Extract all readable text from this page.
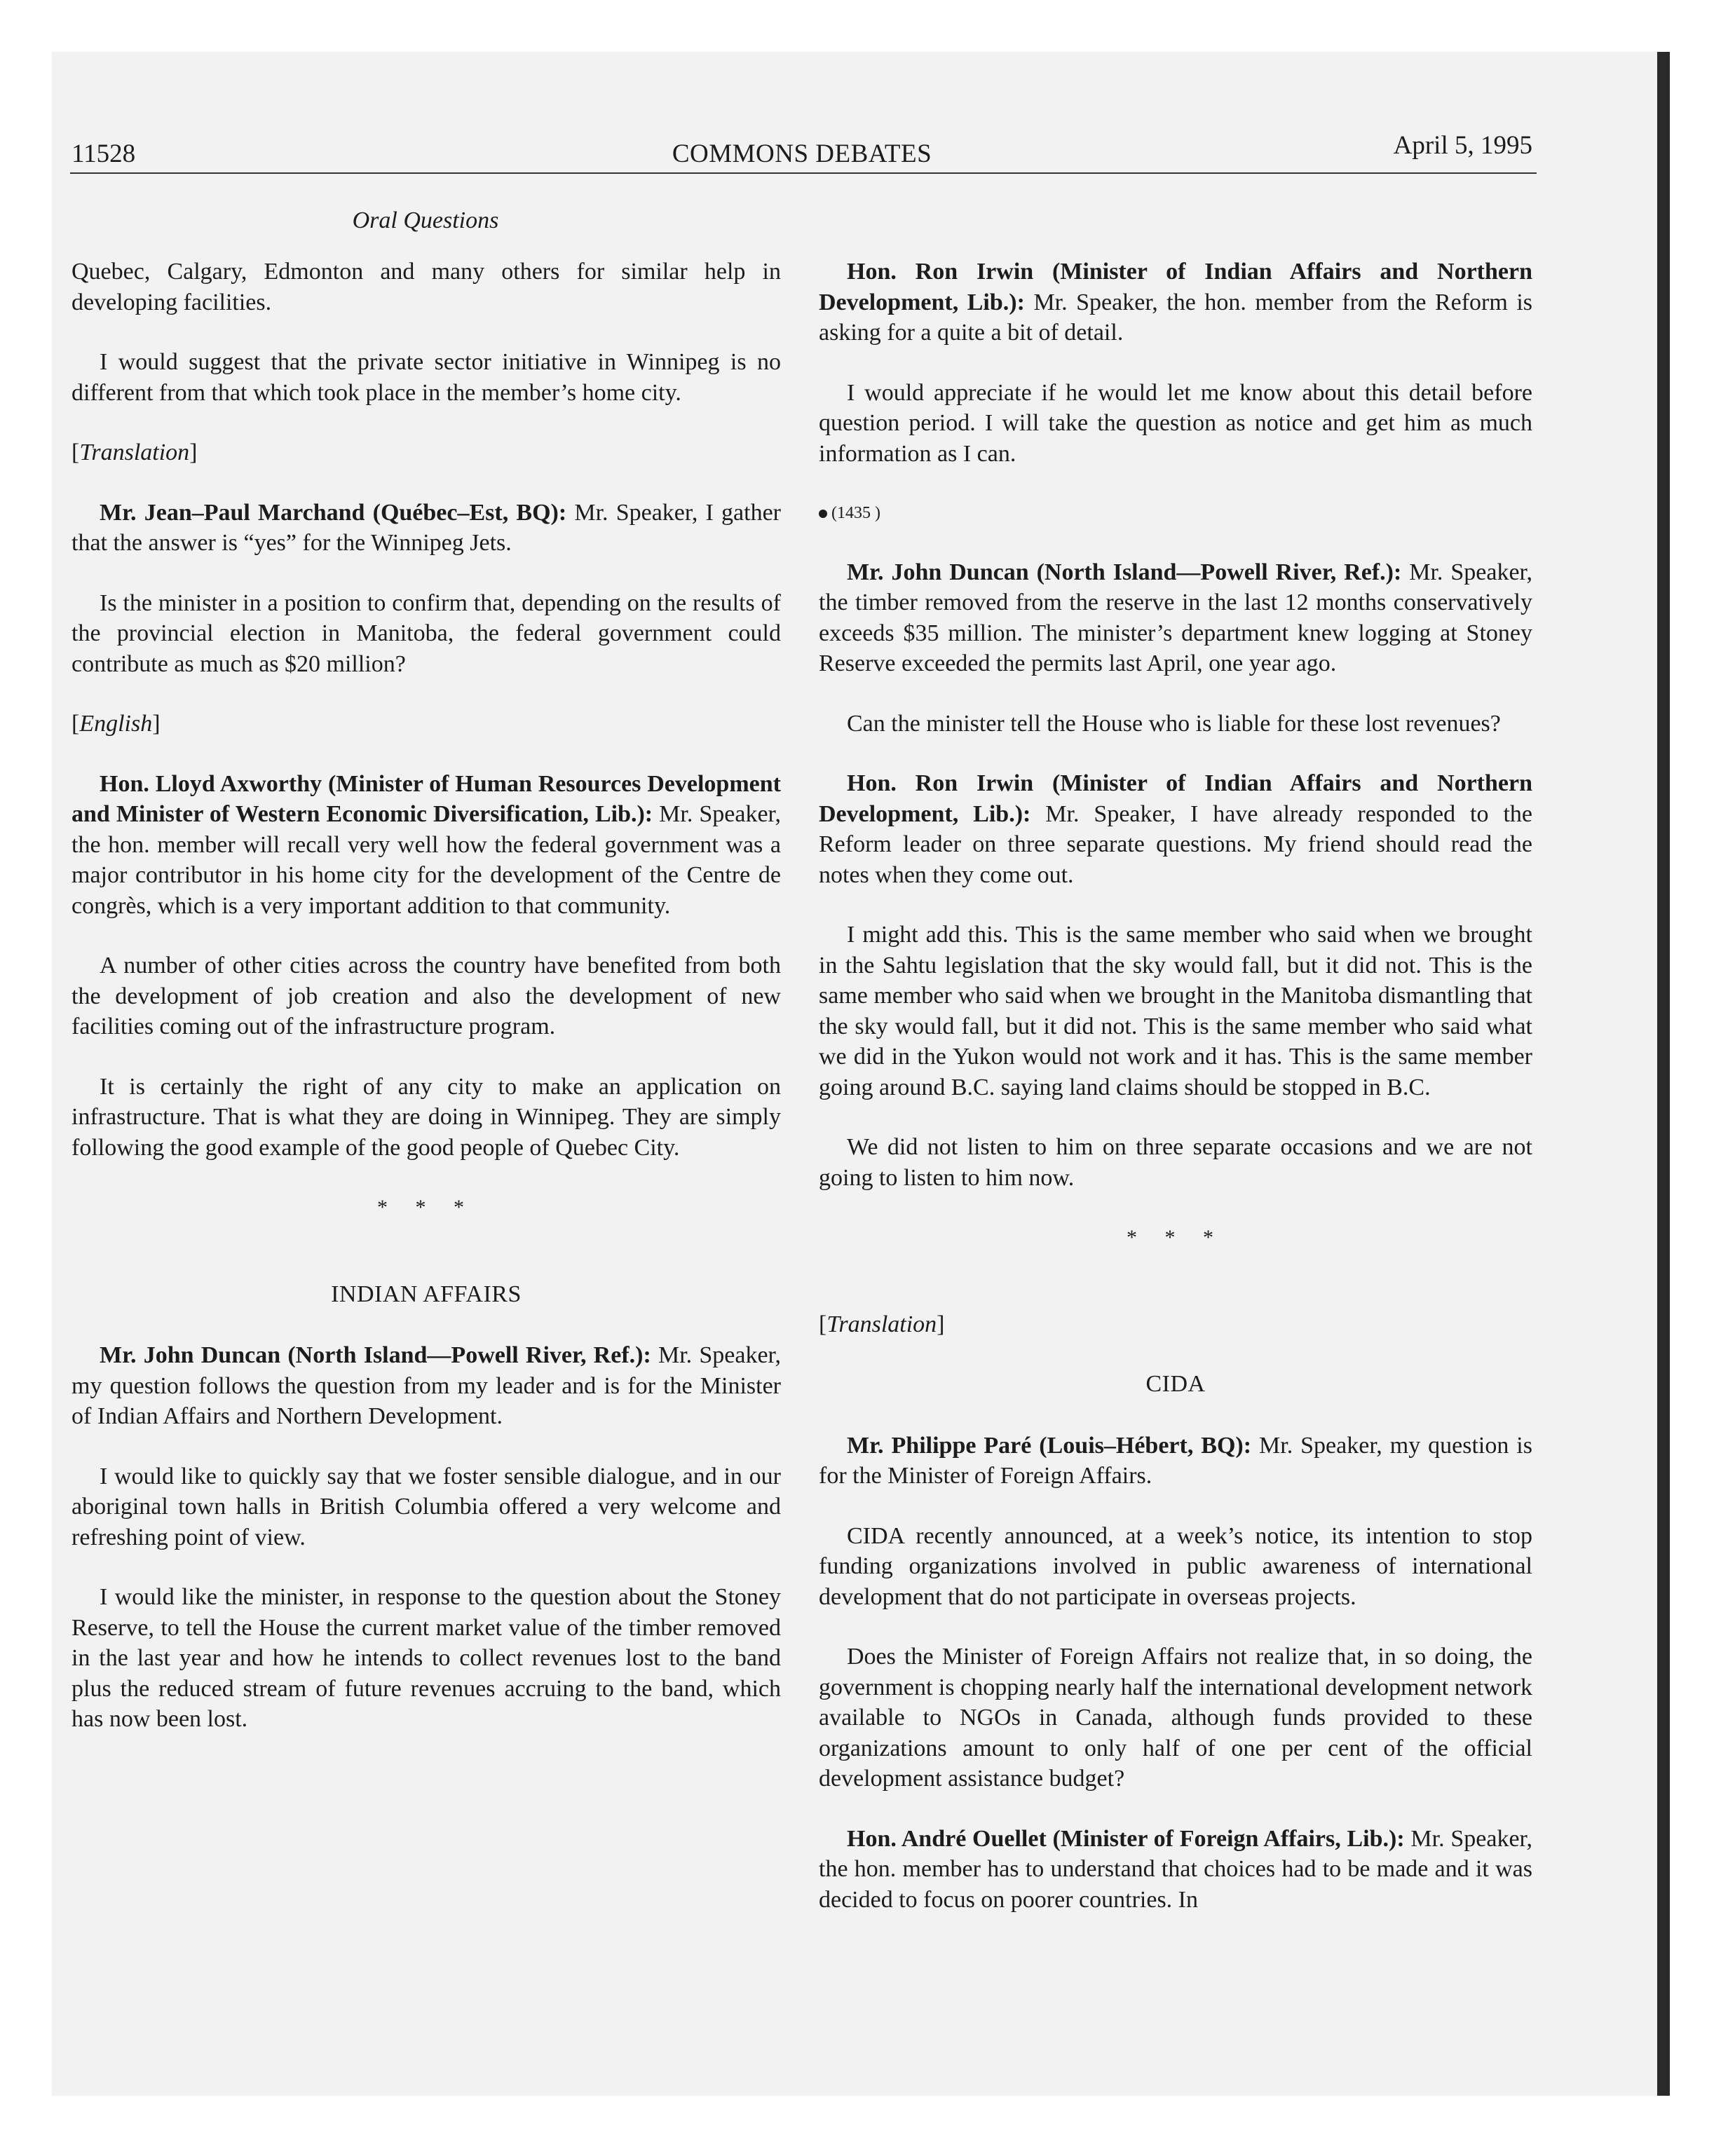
11528	COMMONS DEBATES	April 5, 1995
Oral Questions

Quebec, Calgary, Edmonton and many others for similar help in developing facilities.

I would suggest that the private sector initiative in Winnipeg is no different from that which took place in the member’s home city.

[Translation]

Mr. Jean–Paul Marchand (Québec–Est, BQ): Mr. Speaker, I gather that the answer is “yes” for the Winnipeg Jets.

Is the minister in a position to confirm that, depending on the results of the provincial election in Manitoba, the federal government could contribute as much as $20 million?

[English]

Hon. Lloyd Axworthy (Minister of Human Resources Development and Minister of Western Economic Diversification, Lib.): Mr. Speaker, the hon. member will recall very well how the federal government was a major contributor in his home city for the development of the Centre de congrès, which is a very important addition to that community.

A number of other cities across the country have benefited from both the development of job creation and also the development of new facilities coming out of the infrastructure program.

It is certainly the right of any city to make an application on infrastructure. That is what they are doing in Winnipeg. They are simply following the good example of the good people of Quebec City.

* * *
INDIAN AFFAIRS

Mr. John Duncan (North Island—Powell River, Ref.): Mr. Speaker, my question follows the question from my leader and is for the Minister of Indian Affairs and Northern Development.

I would like to quickly say that we foster sensible dialogue, and in our aboriginal town halls in British Columbia offered a very welcome and refreshing point of view.

I would like the minister, in response to the question about the Stoney Reserve, to tell the House the current market value of the timber removed in the last year and how he intends to collect revenues lost to the band plus the reduced stream of future revenues accruing to the band, which has now been lost.

Hon. Ron Irwin (Minister of Indian Affairs and Northern Development, Lib.): Mr. Speaker, the hon. member from the Reform is asking for a quite a bit of detail.

I would appreciate if he would let me know about this detail before question period. I will take the question as notice and get him as much information as I can.

(1435 )

Mr. John Duncan (North Island—Powell River, Ref.): Mr. Speaker, the timber removed from the reserve in the last 12 months conservatively exceeds $35 million. The minister’s department knew logging at Stoney Reserve exceeded the permits last April, one year ago.

Can the minister tell the House who is liable for these lost revenues?

Hon. Ron Irwin (Minister of Indian Affairs and Northern Development, Lib.): Mr. Speaker, I have already responded to the Reform leader on three separate questions. My friend should read the notes when they come out.

I might add this. This is the same member who said when we brought in the Sahtu legislation that the sky would fall, but it did not. This is the same member who said when we brought in the Manitoba dismantling that the sky would fall, but it did not. This is the same member who said what we did in the Yukon would not work and it has. This is the same member going around B.C. saying land claims should be stopped in B.C.

We did not listen to him on three separate occasions and we are not going to listen to him now.

* * *
[Translation]
CIDA

Mr. Philippe Paré (Louis–Hébert, BQ): Mr. Speaker, my question is for the Minister of Foreign Affairs.

CIDA recently announced, at a week’s notice, its intention to stop funding organizations involved in public awareness of international development that do not participate in overseas projects.

Does the Minister of Foreign Affairs not realize that, in so doing, the government is chopping nearly half the international development network available to NGOs in Canada, although funds provided to these organizations amount to only half of one per cent of the official development assistance budget?

Hon. André Ouellet (Minister of Foreign Affairs, Lib.): Mr. Speaker, the hon. member has to understand that choices had to be made and it was decided to focus on poorer countries. In
